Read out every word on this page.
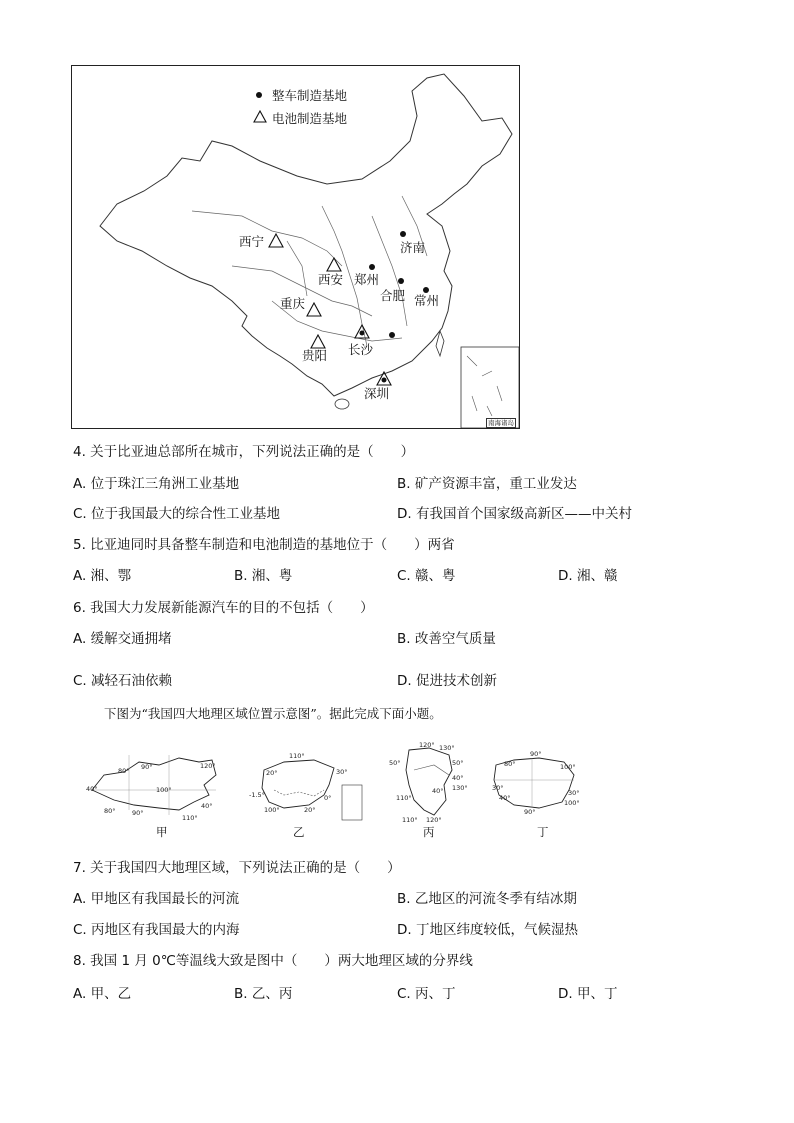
整车制造基地
电池制造基地
西宁
西安 郑州
济南
合肥 常州
重庆
贵阳 长沙
深圳
南海诸岛
4. 关于比亚迪总部所在城市，下列说法正确的是（　　）
A. 位于珠江三角洲工业基地	B. 矿产资源丰富，重工业发达
C. 位于我国最大的综合性工业基地	D. 有我国首个国家级高新区——中关村
5. 比亚迪同时具备整车制造和电池制造的基地位于（　　）两省
A. 湘、鄂	B. 湘、粤	C. 赣、粤	D. 湘、赣
6. 我国大力发展新能源汽车的目的不包括（　　）
A. 缓解交通拥堵	B. 改善空气质量
C. 减轻石油依赖	D. 促进技术创新
下图为“我国四大地理区域位置示意图”。据此完成下面小题。
80° 90°	120°
40°	100°
40°
80°	90°
110°
110°
20°	30°
-1.5°	0°
100°	20°
120° 130°
50°
50°
40°
130°
110°
40°
110° 120°
80°
90°
100°
30°
30°
40°
90°
100°
甲	乙	丙	丁
7. 关于我国四大地理区域，下列说法正确的是（　　）
A. 甲地区有我国最长的河流	B. 乙地区的河流冬季有结冰期
C. 丙地区有我国最大的内海	D. 丁地区纬度较低，气候湿热
8. 我国 1 月 0℃等温线大致是图中（　　）两大地理区域的分界线
A. 甲、乙	B. 乙、丙	C. 丙、丁	D. 甲、丁
